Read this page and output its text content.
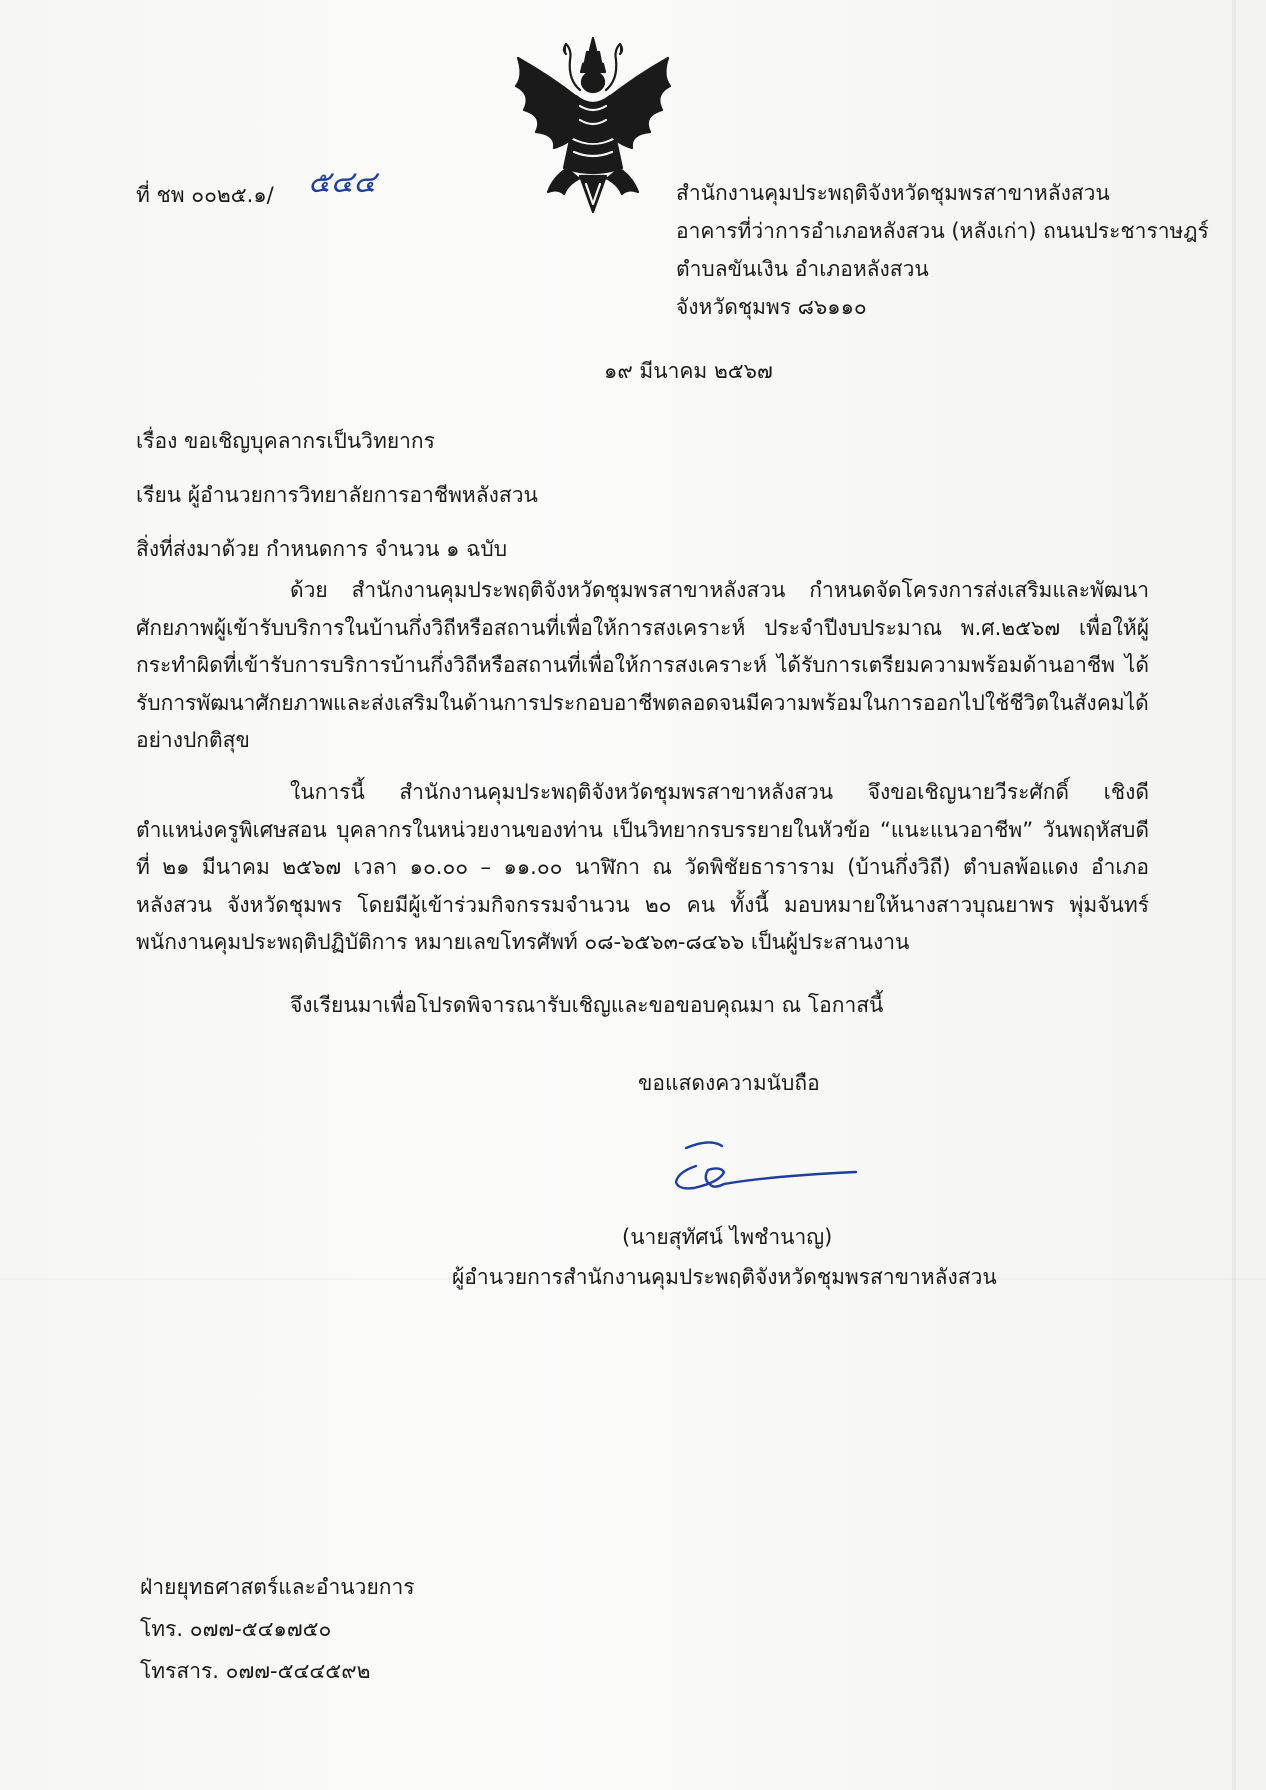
ที่ ชพ ๐๐๒๕.๑/ ๕๔๔	สำนักงานคุมประพฤติจังหวัดชุมพรสาขาหลังสวน
อาคารที่ว่าการอำเภอหลังสวน (หลังเก่า) ถนนประชาราษฎร์
ตำบลขันเงิน อำเภอหลังสวน
จังหวัดชุมพร ๘๖๑๑๐
๑๙ มีนาคม ๒๕๖๗
เรื่อง ขอเชิญบุคลากรเป็นวิทยากร
เรียน ผู้อำนวยการวิทยาลัยการอาชีพหลังสวน
สิ่งที่ส่งมาด้วย กำหนดการ จำนวน ๑ ฉบับ
ด้วย สำนักงานคุมประพฤติจังหวัดชุมพรสาขาหลังสวน กำหนดจัดโครงการส่งเสริมและพัฒนาศักยภาพผู้เข้ารับบริการในบ้านกึ่งวิถีหรือสถานที่เพื่อให้การสงเคราะห์ ประจำปีงบประมาณ พ.ศ.๒๕๖๗ เพื่อให้ผู้กระทำผิดที่เข้ารับการบริการบ้านกึ่งวิถีหรือสถานที่เพื่อให้การสงเคราะห์ ได้รับการเตรียมความพร้อมด้านอาชีพ ได้รับการพัฒนาศักยภาพและส่งเสริมในด้านการประกอบอาชีพตลอดจนมีความพร้อมในการออกไปใช้ชีวิตในสังคมได้อย่างปกติสุข
ในการนี้ สำนักงานคุมประพฤติจังหวัดชุมพรสาขาหลังสวน จึงขอเชิญนายวีระศักดิ์ เชิงดี ตำแหน่งครูพิเศษสอน บุคลากรในหน่วยงานของท่าน เป็นวิทยากรบรรยายในหัวข้อ “แนะแนวอาชีพ” วันพฤหัสบดี ที่ ๒๑ มีนาคม ๒๕๖๗ เวลา ๑๐.๐๐ – ๑๑.๐๐ นาฬิกา ณ วัดพิชัยธาราราม (บ้านกึ่งวิถี) ตำบลพ้อแดง อำเภอหลังสวน จังหวัดชุมพร โดยมีผู้เข้าร่วมกิจกรรมจำนวน ๒๐ คน ทั้งนี้ มอบหมายให้นางสาวบุณยาพร พุ่มจันทร์ พนักงานคุมประพฤติปฏิบัติการ หมายเลขโทรศัพท์ ๐๘-๖๕๖๓-๘๔๖๖ เป็นผู้ประสานงาน
จึงเรียนมาเพื่อโปรดพิจารณารับเชิญและขอขอบคุณมา ณ โอกาสนี้
ขอแสดงความนับถือ
(นายสุทัศน์ ไพชำนาญ)
ผู้อำนวยการสำนักงานคุมประพฤติจังหวัดชุมพรสาขาหลังสวน
ฝ่ายยุทธศาสตร์และอำนวยการ
โทร. ๐๗๗-๕๔๑๗๕๐
โทรสาร. ๐๗๗-๕๔๔๕๙๒
